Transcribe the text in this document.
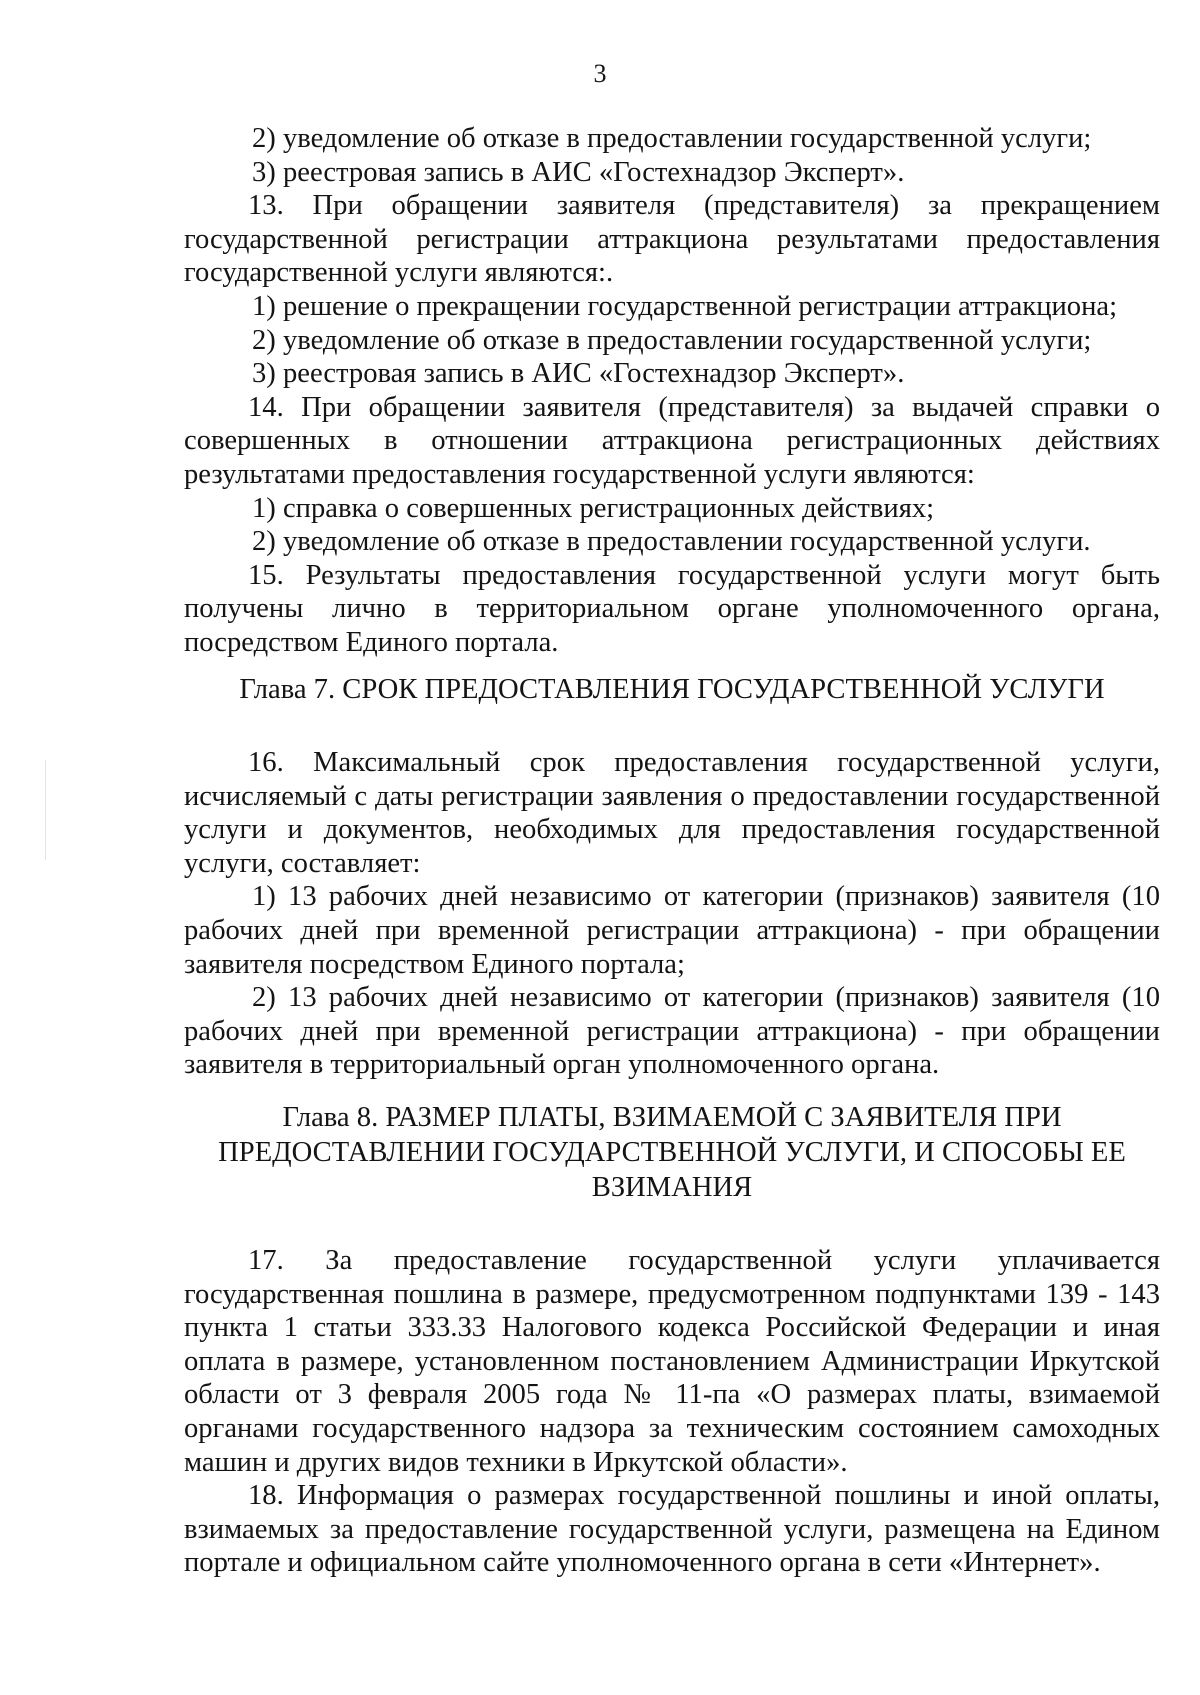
3

2) уведомление об отказе в предоставлении государственной услуги;

3) реестровая запись в АИС «Гостехнадзор Эксперт».

13. При обращении заявителя (представителя) за прекращением государственной регистрации аттракциона результатами предоставления государственной услуги являются:.

1) решение о прекращении государственной регистрации аттракциона;

2) уведомление об отказе в предоставлении государственной услуги;

3) реестровая запись в АИС «Гостехнадзор Эксперт».

14. При обращении заявителя (представителя) за выдачей справки о совершенных в отношении аттракциона регистрационных действиях результатами предоставления государственной услуги являются:

1) справка о совершенных регистрационных действиях;

2) уведомление об отказе в предоставлении государственной услуги.

15. Результаты предоставления государственной услуги могут быть получены лично в территориальном органе уполномоченного органа, посредством Единого портала.

Глава 7. СРОК ПРЕДОСТАВЛЕНИЯ ГОСУДАРСТВЕННОЙ УСЛУГИ

16. Максимальный срок предоставления государственной услуги, исчисляемый с даты регистрации заявления о предоставлении государственной услуги и документов, необходимых для предоставления государственной услуги, составляет:

1) 13 рабочих дней независимо от категории (признаков) заявителя (10 рабочих дней при временной регистрации аттракциона) - при обращении заявителя посредством Единого портала;

2) 13 рабочих дней независимо от категории (признаков) заявителя (10 рабочих дней при временной регистрации аттракциона) - при обращении заявителя в территориальный орган уполномоченного органа.

Глава 8. РАЗМЕР ПЛАТЫ, ВЗИМАЕМОЙ С ЗАЯВИТЕЛЯ ПРИ
ПРЕДОСТАВЛЕНИИ ГОСУДАРСТВЕННОЙ УСЛУГИ, И СПОСОБЫ ЕЕ
ВЗИМАНИЯ

17. За предоставление государственной услуги уплачивается государственная пошлина в размере, предусмотренном подпунктами 139 - 143 пункта 1 статьи 333.33 Налогового кодекса Российской Федерации и иная оплата в размере, установленном постановлением Администрации Иркутской области от 3 февраля 2005 года № 11-па «О размерах платы, взимаемой органами государственного надзора за техническим состоянием самоходных машин и других видов техники в Иркутской области».

18. Информация о размерах государственной пошлины и иной оплаты, взимаемых за предоставление государственной услуги, размещена на Едином портале и официальном сайте уполномоченного органа в сети «Интернет».
